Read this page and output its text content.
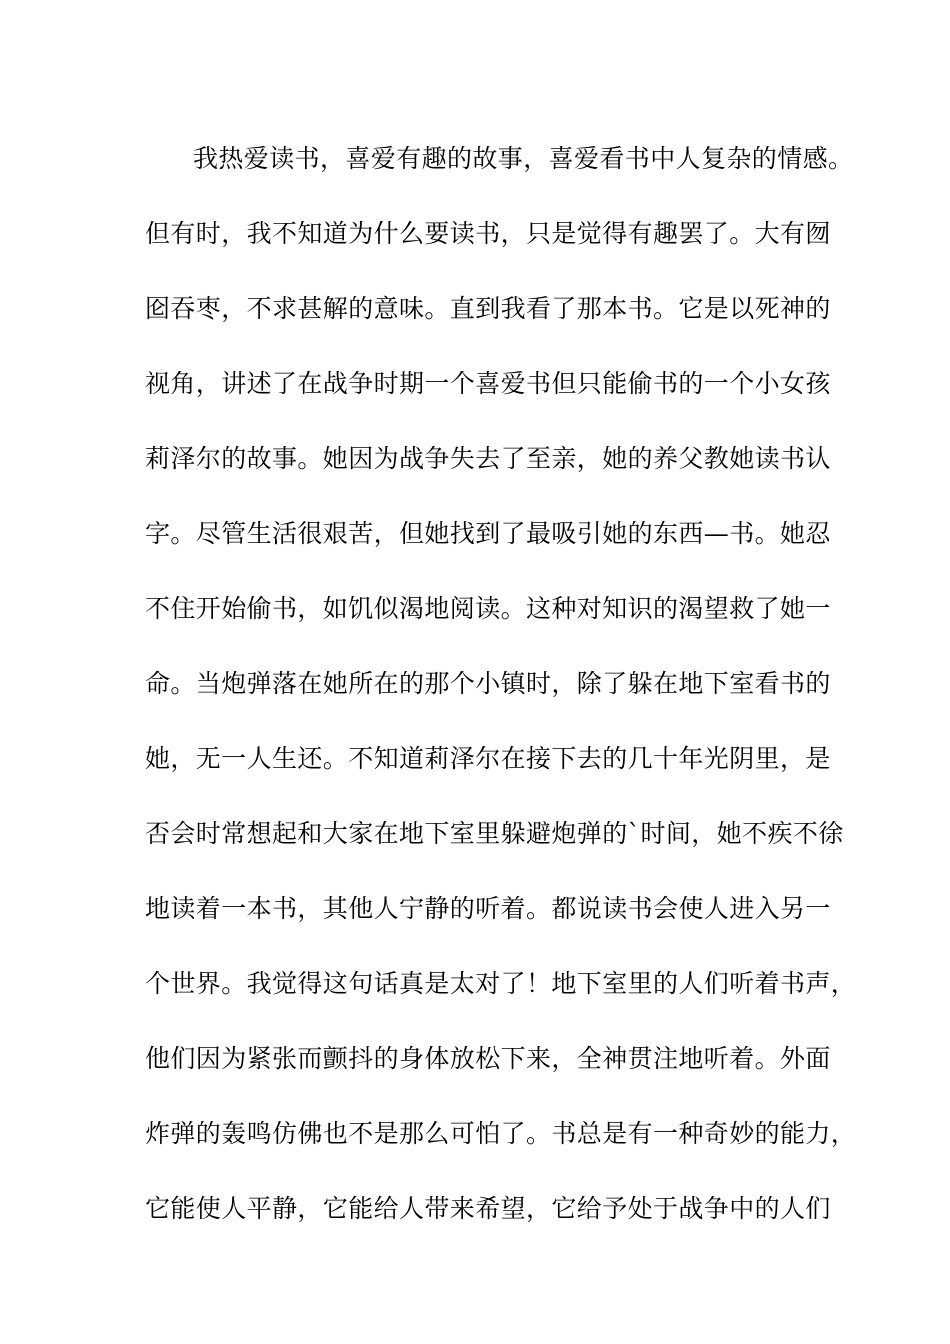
我热爱读书，喜爱有趣的故事，喜爱看书中人复杂的情感。
但有时，我不知道为什么要读书，只是觉得有趣罢了。大有囫
囵吞枣，不求甚解的意味。直到我看了那本书。它是以死神的
视角，讲述了在战争时期一个喜爱书但只能偷书的一个小女孩
莉泽尔的故事。她因为战争失去了至亲，她的养父教她读书认
字。尽管生活很艰苦，但她找到了最吸引她的东西—书。她忍
不住开始偷书，如饥似渴地阅读。这种对知识的渴望救了她一
命。当炮弹落在她所在的那个小镇时，除了躲在地下室看书的
她，无一人生还。不知道莉泽尔在接下去的几十年光阴里，是
否会时常想起和大家在地下室里躲避炮弹的`时间，她不疾不徐
地读着一本书，其他人宁静的听着。都说读书会使人进入另一
个世界。我觉得这句话真是太对了！地下室里的人们听着书声，
他们因为紧张而颤抖的身体放松下来，全神贯注地听着。外面
炸弹的轰鸣仿佛也不是那么可怕了。书总是有一种奇妙的能力，
它能使人平静，它能给人带来希望，它给予处于战争中的人们
